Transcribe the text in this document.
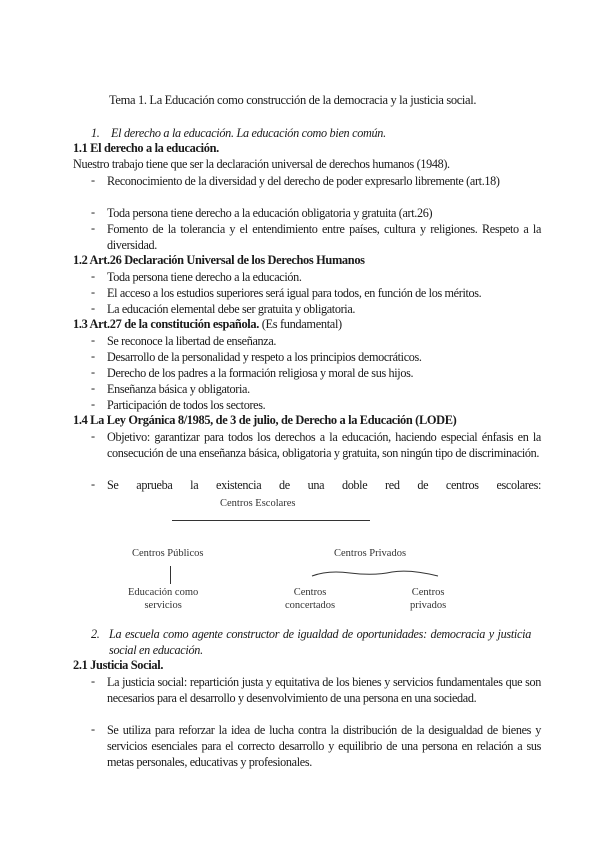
Tema 1. La Educación como construcción de la democracia y la justicia social.
1. El derecho a la educación. La educación como bien común.
1.1 El derecho a la educación.
Nuestro trabajo tiene que ser la declaración universal de derechos humanos (1948).
- Reconocimiento de la diversidad y del derecho de poder expresarlo libremente (art.18)
- Toda persona tiene derecho a la educación obligatoria y gratuita (art.26)
- Fomento de la tolerancia y el entendimiento entre países, cultura y religiones. Respeto a la diversidad.
1.2 Art.26 Declaración Universal de los Derechos Humanos
- Toda persona tiene derecho a la educación.
- El acceso a los estudios superiores será igual para todos, en función de los méritos.
- La educación elemental debe ser gratuita y obligatoria.
1.3 Art.27 de la constitución española. (Es fundamental)
- Se reconoce la libertad de enseñanza.
- Desarrollo de la personalidad y respeto a los principios democráticos.
- Derecho de los padres a la formación religiosa y moral de sus hijos.
- Enseñanza básica y obligatoria.
- Participación de todos los sectores.
1.4 La Ley Orgánica 8/1985, de 3 de julio, de Derecho a la Educación (LODE)
- Objetivo: garantizar para todos los derechos a la educación, haciendo especial énfasis en la consecución de una enseñanza básica, obligatoria y gratuita, son ningún tipo de discriminación.
- Se aprueba la existencia de una doble red de centros escolares:
Centros Escolares
Centros Públicos
Educación como
servicios
Centros Privados
Centros
concertados
Centros
privados
2. La escuela como agente constructor de igualdad de oportunidades: democracia y justicia social en educación.
2.1 Justicia Social.
- La justicia social: repartición justa y equitativa de los bienes y servicios fundamentales que son necesarios para el desarrollo y desenvolvimiento de una persona en una sociedad.
- Se utiliza para reforzar la idea de lucha contra la distribución de la desigualdad de bienes y servicios esenciales para el correcto desarrollo y equilibrio de una persona en relación a sus metas personales, educativas y profesionales.
